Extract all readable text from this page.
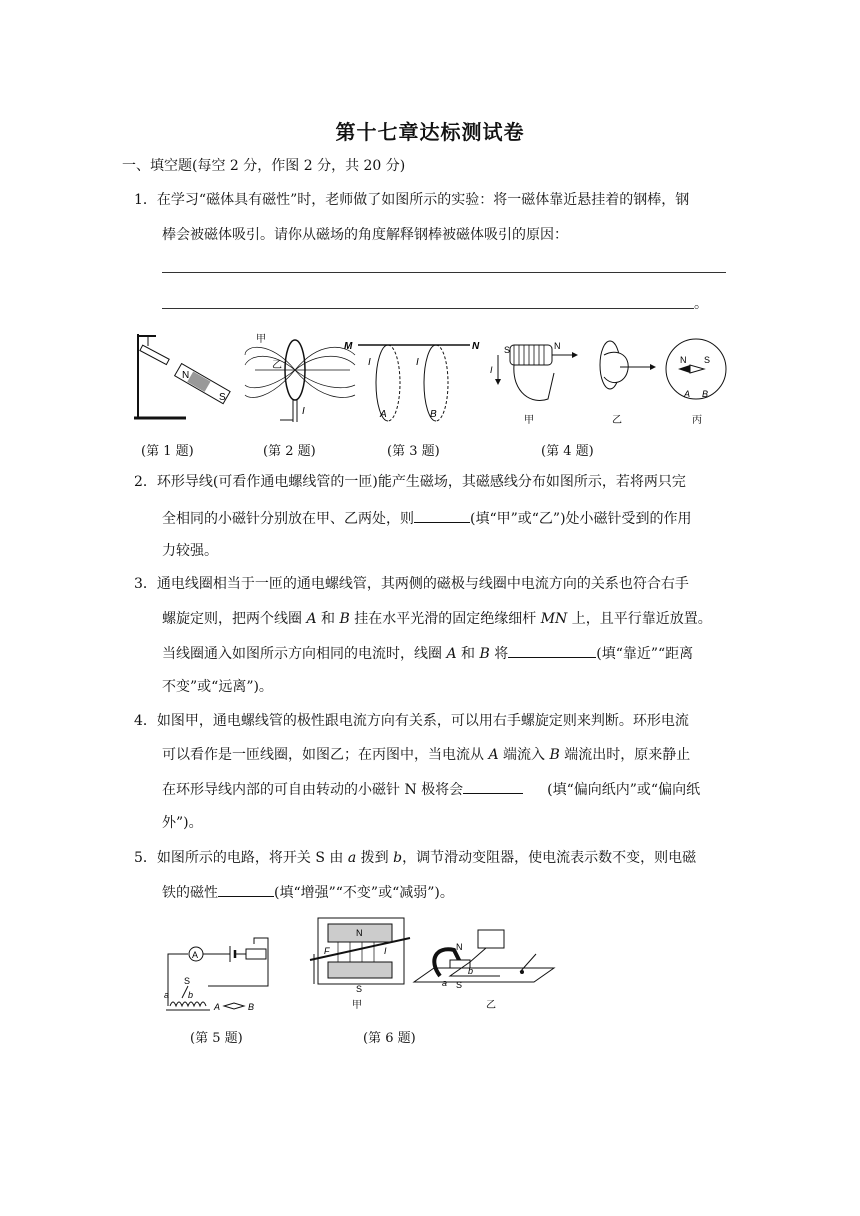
第十七章达标测试卷
一、填空题(每空 2 分，作图 2 分，共 20 分)
1．在学习“磁体具有磁性”时，老师做了如图所示的实验：将一磁体靠近悬挂着的钢棒，钢
棒会被磁体吸引。请你从磁场的角度解释钢棒被磁体吸引的原因：
。
N
S
甲
乙
I
M	N
I	I
A	B
S	N
I
N S
A B
甲	乙	丙
(第 1 题)	(第 2 题)	(第 3 题)	(第 4 题)
2．环形导线(可看作通电螺线管的一匝)能产生磁场，其磁感线分布如图所示，若将两只完
全相同的小磁针分别放在甲、乙两处，则	(填“甲”或“乙”)处小磁针受到的作用
力较强。
3．通电线圈相当于一匝的通电螺线管，其两侧的磁极与线圈中电流方向的关系也符合右手
螺旋定则，把两个线圈 A 和 B 挂在水平光滑的固定绝缘细杆 MN 上，且平行靠近放置。
当线圈通入如图所示方向相同的电流时，线圈 A 和 B 将	(填“靠近”“距离
不变”或“远离”)。
4．如图甲，通电螺线管的极性跟电流方向有关系，可以用右手螺旋定则来判断。环形电流
可以看作是一匝线圈，如图乙；在丙图中，当电流从 A 端流入 B 端流出时，原来静止
在环形导线内部的可自由转动的小磁针 N 极将会	(填“偏向纸内”或“偏向纸
外”)。
5．如图所示的电路，将开关 S 由 a 拨到 b，调节滑动变阻器，使电流表示数不变，则电磁
铁的磁性	(填“增强”“不变”或“减弱”)。
A
S
a b
A	B
N
S
F	I
甲
N
S
a
b
乙
(第 5 题)	(第 6 题)
